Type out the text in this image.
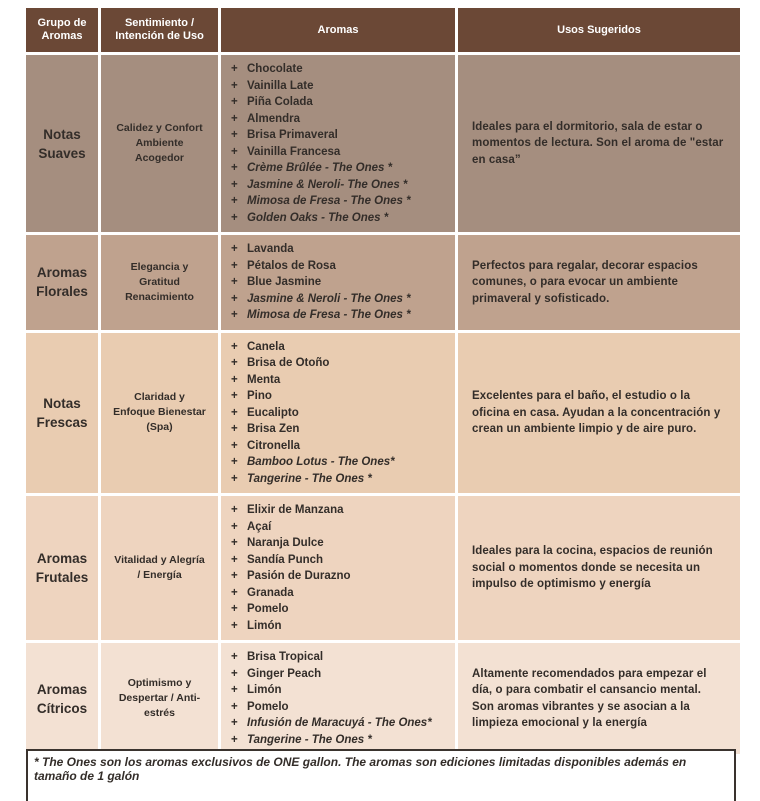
Grupo de Aromas
Sentimiento / Intención de Uso
Aromas	Usos Sugeridos
Notas Suaves
Calidez y Confort
Ambiente
Acogedor
+ Chocolate
+ Vainilla Late
+ Piña Colada
+ Almendra
+ Brisa Primaveral
+ Vainilla Francesa
+ Crème Brûlée - The Ones *
+ Jasmine & Neroli- The Ones *
+ Mimosa de Fresa - The Ones *
+ Golden Oaks - The Ones *
Ideales para el dormitorio, sala de estar o momentos de lectura. Son el aroma de "estar en casa”
Aromas Florales
Elegancia y
Gratitud
Renacimiento
+ Lavanda
+ Pétalos de Rosa
+ Blue Jasmine
+ Jasmine & Neroli - The Ones *
+ Mimosa de Fresa - The Ones *
Perfectos para regalar, decorar espacios comunes, o para evocar un ambiente primaveral y sofisticado.
Notas Frescas
Claridad y
Enfoque Bienestar
(Spa)
+ Canela
+ Brisa de Otoño
+ Menta
+ Pino
+ Eucalipto
+ Brisa Zen
+ Citronella
+ Bamboo Lotus - The Ones*
+ Tangerine - The Ones *
Excelentes para el baño, el estudio o la oficina en casa. Ayudan a la concentración y crean un ambiente limpio y de aire puro.
Aromas Frutales
Vitalidad y Alegría
/ Energía
+ Elixir de Manzana
+ Açaí
+ Naranja Dulce
+ Sandía Punch
+ Pasión de Durazno
+ Granada
+ Pomelo
+ Limón
Ideales para la cocina, espacios de reunión social o momentos donde se necesita un impulso de optimismo y energía
Aromas Cítricos
Optimismo y
Despertar / Anti-
estrés
+ Brisa Tropical
+ Ginger Peach
+ Limón
+ Pomelo
+ Infusión de Maracuyá - The Ones*
+ Tangerine - The Ones *
Altamente recomendados para empezar el día, o para combatir el cansancio mental. Son aromas vibrantes y se asocian a la limpieza emocional y la energía
* The Ones son los aromas exclusivos de ONE gallon. The aromas son ediciones limitadas disponibles además en tamaño de 1 galón
